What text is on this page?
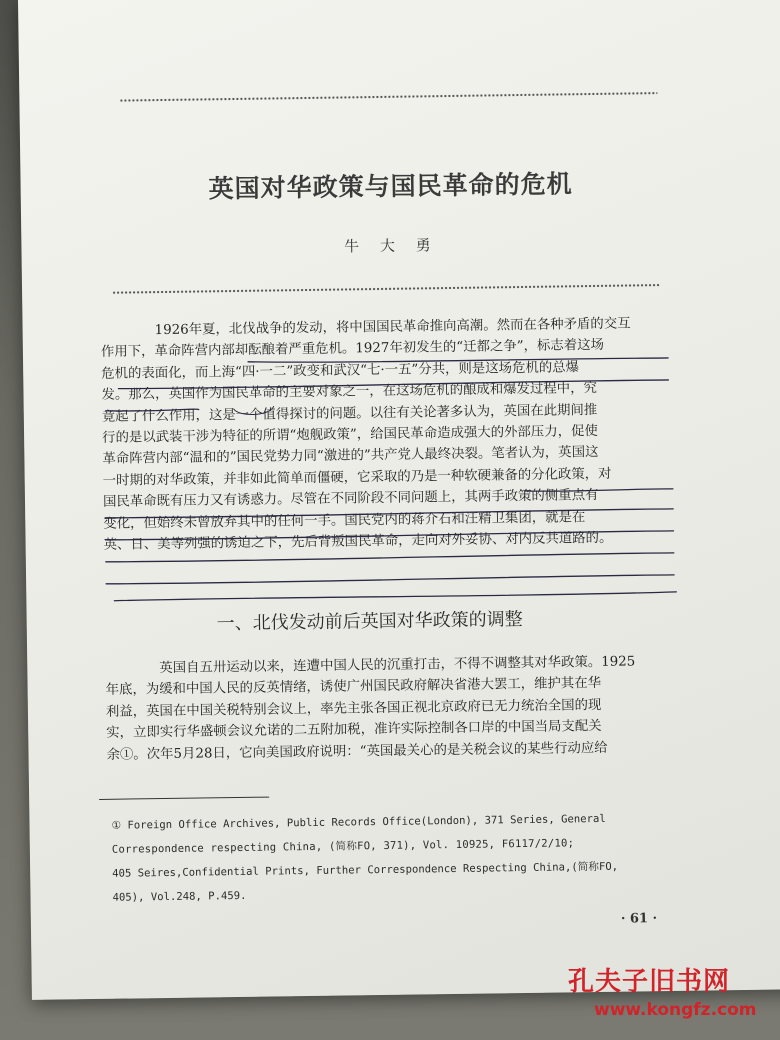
英国对华政策与国民革命的危机
牛 大 勇
1926年夏，北伐战争的发动，将中国国民革命推向高潮。然而在各种矛盾的交互
作用下，革命阵营内部却酝酿着严重危机。1927年初发生的“迁都之争”，标志着这场
危机的表面化，而上海“四·一二”政变和武汉“七·一五”分共，则是这场危机的总爆
发。那么，英国作为国民革命的主要对象之一，在这场危机的酿成和爆发过程中，究
竟起了什么作用，这是一个值得探讨的问题。以往有关论著多认为，英国在此期间推
行的是以武装干涉为特征的所谓“炮舰政策”，给国民革命造成强大的外部压力，促使
革命阵营内部“温和的”国民党势力同“激进的”共产党人最终决裂。笔者认为，英国这
一时期的对华政策，并非如此简单而僵硬，它采取的乃是一种软硬兼备的分化政策，对
国民革命既有压力又有诱惑力。尽管在不同阶段不同问题上，其两手政策的侧重点有
变化，但始终未曾放弃其中的任何一手。国民党内的蒋介石和汪精卫集团，就是在
英、日、美等列强的诱迫之下，先后背叛国民革命，走向对外妥协、对内反共道路的。
一、北伐发动前后英国对华政策的调整
英国自五卅运动以来，连遭中国人民的沉重打击，不得不调整其对华政策。1925
年底，为缓和中国人民的反英情绪，诱使广州国民政府解决省港大罢工，维护其在华
利益，英国在中国关税特别会议上，率先主张各国正视北京政府已无力统治全国的现
实，立即实行华盛顿会议允诺的二五附加税，准许实际控制各口岸的中国当局支配关
余①。次年5月28日，它向美国政府说明：“英国最关心的是关税会议的某些行动应给
① Foreign Office Archives, Public Records Office(London), 371 Series, General
Correspondence respecting China, (简称FO, 371), Vol. 10925, F6117/2/10;
405 Seires,Confidential Prints, Further Correspondence Respecting China,(简称FO,
405), Vol.248, P.459.
· 61 ·
孔夫子旧书网
www.kongfz.com
